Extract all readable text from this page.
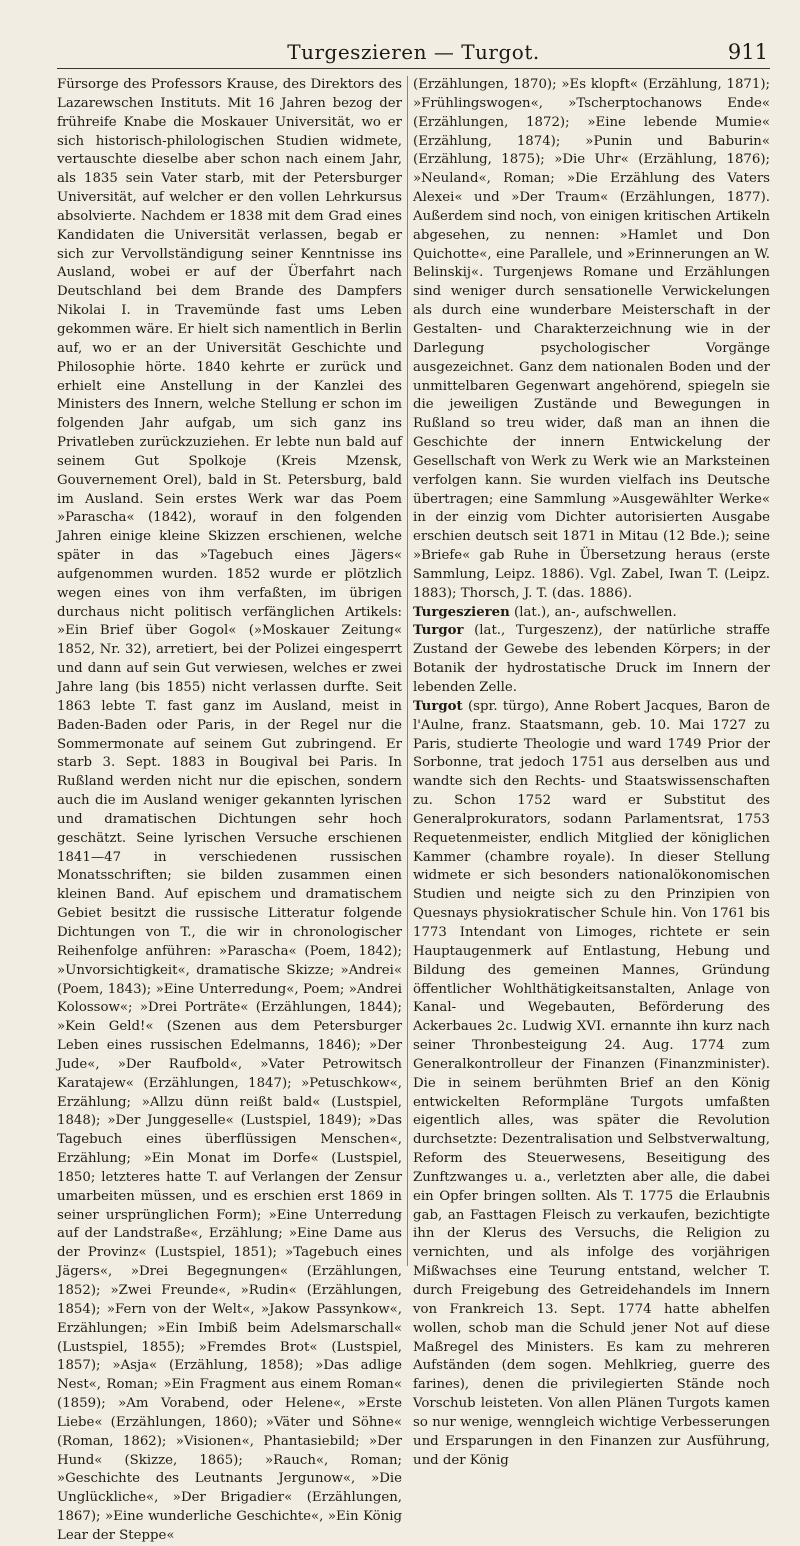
Turgeszieren — Turgot.	911

Fürsorge des Professors Krause, des Direktors des Lazarewschen Instituts. Mit 16 Jahren bezog der frühreife Knabe die Moskauer Universität, wo er sich historisch-philologischen Studien widmete, vertauschte dieselbe aber schon nach einem Jahr, als 1835 sein Vater starb, mit der Petersburger Universität, auf welcher er den vollen Lehrkursus absolvierte. Nachdem er 1838 mit dem Grad eines Kandidaten die Universität verlassen, begab er sich zur Vervollständigung seiner Kenntnisse ins Ausland, wobei er auf der Überfahrt nach Deutschland bei dem Brande des Dampfers Nikolai I. in Travemünde fast ums Leben gekommen wäre. Er hielt sich namentlich in Berlin auf, wo er an der Universität Geschichte und Philosophie hörte. 1840 kehrte er zurück und erhielt eine Anstellung in der Kanzlei des Ministers des Innern, welche Stellung er schon im folgenden Jahr aufgab, um sich ganz ins Privatleben zurückzuziehen. Er lebte nun bald auf seinem Gut Spolkoje (Kreis Mzensk, Gouvernement Orel), bald in St. Petersburg, bald im Ausland. Sein erstes Werk war das Poem »Paraschа« (1842), worauf in den folgenden Jahren einige kleine Skizzen erschienen, welche später in das »Tagebuch eines Jägers« aufgenommen wurden. 1852 wurde er plötzlich wegen eines von ihm verfaßten, im übrigen durchaus nicht politisch verfänglichen Artikels: »Ein Brief über Gogol« (»Moskauer Zeitung« 1852, Nr. 32), arretiert, bei der Polizei eingesperrt und dann auf sein Gut verwiesen, welches er zwei Jahre lang (bis 1855) nicht verlassen durfte. Seit 1863 lebte T. fast ganz im Ausland, meist in Baden-Baden oder Paris, in der Regel nur die Sommermonate auf seinem Gut zubringend. Er starb 3. Sept. 1883 in Bougival bei Paris. In Rußland werden nicht nur die epischen, sondern auch die im Ausland weniger gekannten lyrischen und dramatischen Dichtungen sehr hoch geschätzt. Seine lyrischen Versuche erschienen 1841—47 in verschiedenen russischen Monatsschriften; sie bilden zusammen einen kleinen Band. Auf epischem und dramatischem Gebiet besitzt die russische Litteratur folgende Dichtungen von T., die wir in chronologischer Reihenfolge anführen: »Parascha« (Poem, 1842); »Unvorsichtigkeit«, dramatische Skizze; »Andrei« (Poem, 1843); »Eine Unterredung«, Poem; »Andrei Kolossow«; »Drei Porträte« (Erzählungen, 1844); »Kein Geld!« (Szenen aus dem Petersburger Leben eines russischen Edelmanns, 1846); »Der Jude«, »Der Raufbold«, »Vater Petrowitsch Karatajew« (Erzählungen, 1847); »Petuschkow«, Erzählung; »Allzu dünn reißt bald« (Lustspiel, 1848); »Der Junggeselle« (Lustspiel, 1849); »Das Tagebuch eines überflüssigen Menschen«, Erzählung; »Ein Monat im Dorfe« (Lustspiel, 1850; letzteres hatte T. auf Verlangen der Zensur umarbeiten müssen, und es erschien erst 1869 in seiner ursprünglichen Form); »Eine Unterredung auf der Landstraße«, Erzählung; »Eine Dame aus der Provinz« (Lustspiel, 1851); »Tagebuch eines Jägers«, »Drei Begegnungen« (Erzählungen, 1852); »Zwei Freunde«, »Rudin« (Erzählungen, 1854); »Fern von der Welt«, »Jakow Passynkow«, Erzählungen; »Ein Imbiß beim Adelsmarschall« (Lustspiel, 1855); »Fremdes Brot« (Lustspiel, 1857); »Asja« (Erzählung, 1858); »Das adlige Nest«, Roman; »Ein Fragment aus einem Roman« (1859); »Am Vorabend, oder Helene«, »Erste Liebe« (Erzählungen, 1860); »Väter und Söhne« (Roman, 1862); »Visionen«, Phantasiebild; »Der Hund« (Skizze, 1865); »Rauch«, Roman; »Geschichte des Leutnants Jergunow«, »Die Unglückliche«, »Der Brigadier« (Erzählungen, 1867); »Eine wunderliche Geschichte«, »Ein König Lear der Steppe«

(Erzählungen, 1870); »Es klopft« (Erzählung, 1871); »Frühlingswogen«, »Tscherptochanows Ende« (Erzählungen, 1872); »Eine lebende Mumie« (Erzählung, 1874); »Punin und Baburin« (Erzählung, 1875); »Die Uhr« (Erzählung, 1876); »Neuland«, Roman; »Die Erzählung des Vaters Alexei« und »Der Traum« (Erzählungen, 1877). Außerdem sind noch, von einigen kritischen Artikeln abgesehen, zu nennen: »Hamlet und Don Quichotte«, eine Parallele, und »Erinnerungen an W. Belinskij«. Turgenjews Romane und Erzählungen sind weniger durch sensationelle Verwickelungen als durch eine wunderbare Meisterschaft in der Gestalten- und Charakterzeichnung wie in der Darlegung psychologischer Vorgänge ausgezeichnet. Ganz dem nationalen Boden und der unmittelbaren Gegenwart angehörend, spiegeln sie die jeweiligen Zustände und Bewegungen in Rußland so treu wider, daß man an ihnen die Geschichte der innern Entwickelung der Gesellschaft von Werk zu Werk wie an Marksteinen verfolgen kann. Sie wurden vielfach ins Deutsche übertragen; eine Sammlung »Ausgewählter Werke« in der einzig vom Dichter autorisierten Ausgabe erschien deutsch seit 1871 in Mitau (12 Bde.); seine »Briefe« gab Ruhe in Übersetzung heraus (erste Sammlung, Leipz. 1886). Vgl. Zabel, Iwan T. (Leipz. 1883); Thorsch, J. T. (das. 1886).

Turgeszieren (lat.), an-, aufschwellen.

Turgor (lat., Turgeszenz), der natürliche straffe Zustand der Gewebe des lebenden Körpers; in der Botanik der hydrostatische Druck im Innern der lebenden Zelle.

Turgot (spr. türgo), Anne Robert Jacques, Baron de l'Aulne, franz. Staatsmann, geb. 10. Mai 1727 zu Paris, studierte Theologie und ward 1749 Prior der Sorbonne, trat jedoch 1751 aus derselben aus und wandte sich den Rechts- und Staatswissenschaften zu. Schon 1752 ward er Substitut des Generalprokurators, sodann Parlamentsrat, 1753 Requetenmeister, endlich Mitglied der königlichen Kammer (chambre royale). In dieser Stellung widmete er sich besonders nationalökonomischen Studien und neigte sich zu den Prinzipien von Quesnays physiokratischer Schule hin. Von 1761 bis 1773 Intendant von Limoges, richtete er sein Hauptaugenmerk auf Entlastung, Hebung und Bildung des gemeinen Mannes, Gründung öffentlicher Wohlthätigkeitsanstalten, Anlage von Kanal- und Wegebauten, Beförderung des Ackerbaues 2c. Ludwig XVI. ernannte ihn kurz nach seiner Thronbesteigung 24. Aug. 1774 zum Generalkontrolleur der Finanzen (Finanzminister). Die in seinem berühmten Brief an den König entwickelten Reformpläne Turgots umfaßten eigentlich alles, was später die Revolution durchsetzte: Dezentralisation und Selbstverwaltung, Reform des Steuerwesens, Beseitigung des Zunftzwanges u. a., verletzten aber alle, die dabei ein Opfer bringen sollten. Als T. 1775 die Erlaubnis gab, an Fasttagen Fleisch zu verkaufen, bezichtigte ihn der Klerus des Versuchs, die Religion zu vernichten, und als infolge des vorjährigen Mißwachses eine Teurung entstand, welcher T. durch Freigebung des Getreidehandels im Innern von Frankreich 13. Sept. 1774 hatte abhelfen wollen, schob man die Schuld jener Not auf diese Maßregel des Ministers. Es kam zu mehreren Aufständen (dem sogen. Mehlkrieg, guerre des farines), denen die privilegierten Stände noch Vorschub leisteten. Von allen Plänen Turgots kamen so nur wenige, wenngleich wichtige Verbesserungen und Ersparungen in den Finanzen zur Ausführung, und der König
